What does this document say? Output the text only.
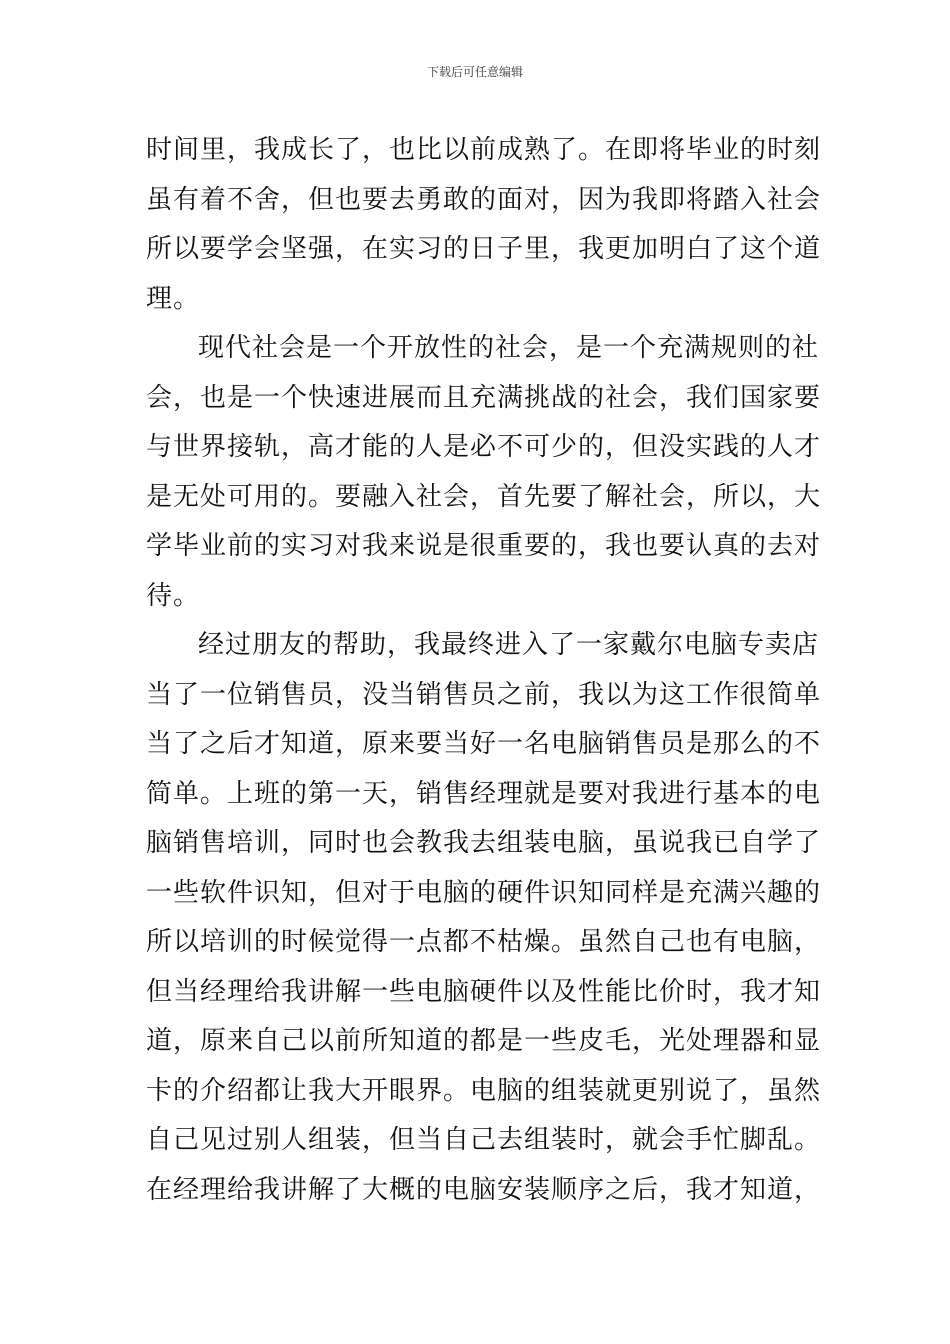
下载后可任意编辑
时间里，我成长了，也比以前成熟了。在即将毕业的时刻
虽有着不舍，但也要去勇敢的面对，因为我即将踏入社会
所以要学会坚强，在实习的日子里，我更加明白了这个道
理。
现代社会是一个开放性的社会，是一个充满规则的社
会，也是一个快速进展而且充满挑战的社会，我们国家要
与世界接轨，高才能的人是必不可少的，但没实践的人才
是无处可用的。要融入社会，首先要了解社会，所以，大
学毕业前的实习对我来说是很重要的，我也要认真的去对
待。
经过朋友的帮助，我最终进入了一家戴尔电脑专卖店
当了一位销售员，没当销售员之前，我以为这工作很简单
当了之后才知道，原来要当好一名电脑销售员是那么的不
简单。上班的第一天，销售经理就是要对我进行基本的电
脑销售培训，同时也会教我去组装电脑，虽说我已自学了
一些软件识知，但对于电脑的硬件识知同样是充满兴趣的
所以培训的时候觉得一点都不枯燥。虽然自己也有电脑，
但当经理给我讲解一些电脑硬件以及性能比价时，我才知
道，原来自己以前所知道的都是一些皮毛，光处理器和显
卡的介绍都让我大开眼界。电脑的组装就更别说了，虽然
自己见过别人组装，但当自己去组装时，就会手忙脚乱。
在经理给我讲解了大概的电脑安装顺序之后，我才知道，
